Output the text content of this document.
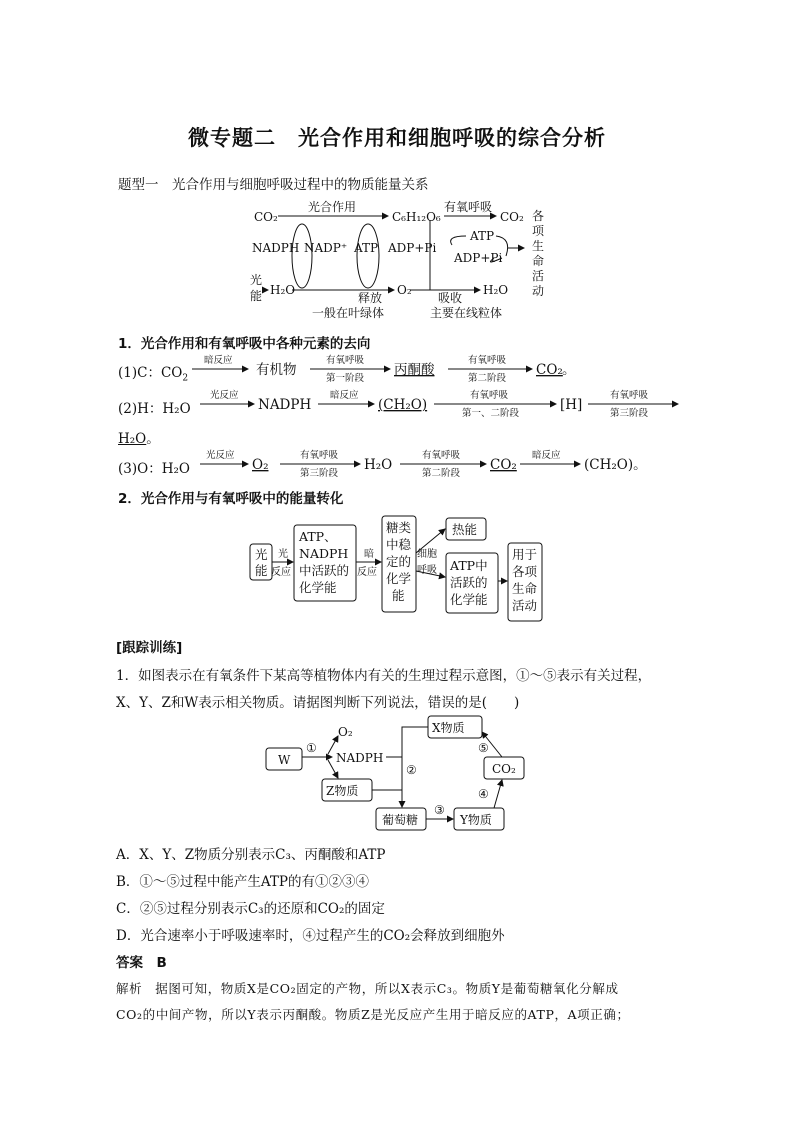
微专题二　光合作用和细胞呼吸的综合分析
题型一　光合作用与细胞呼吸过程中的物质能量关系
CO₂
光合作用
C₆H₁₂O₆
有氧呼吸
CO₂
NADPH NADP⁺ ATP ADP+Pi
ATP
ADP+Pi
光
能 H₂O
释放
O₂
吸收
H₂O
一般在叶绿体	主要在线粒体
各
项
生
命
活
动
1．光合作用和有氧呼吸中各种元素的去向
(1)C：$CO_2$
暗反应	有氧呼吸
第一阶段
有氧呼吸
第二阶段
有机物	丙酮酸	CO₂ 。
(2)H：H₂O
光反应	暗反应	有氧呼吸
第一、二阶段
有氧呼吸
第三阶段
NADPH	(CH₂O)	[H]
H₂O。
(3)O：H₂O
光反应	有氧呼吸
第三阶段
有氧呼吸
第二阶段
暗反应
O₂	H₂O	CO₂	(CH₂O)。
2．光合作用与有氧呼吸中的能量转化
光
能
ATP、
NADPH
中活跃的
化学能
糖类
中稳
定的
化学
能
热能
ATP中
活跃的
化学能
用于
各项
生命
活动
光
反应
暗
反应
细胞
呼吸
[跟踪训练]
1．如图表示在有氧条件下某高等植物体内有关的生理过程示意图，①～⑤表示有关过程，
X、Y、Z和W表示相关物质。请据图判断下列说法，错误的是(　　)
W
①
O₂
NADPH
Z物质
②
X物质
⑤
CO₂
④
葡萄糖
③
Y物质
A．X、Y、Z物质分别表示C₃、丙酮酸和ATP
B．①～⑤过程中能产生ATP的有①②③④
C．②⑤过程分别表示C₃的还原和CO₂的固定
D．光合速率小于呼吸速率时，④过程产生的CO₂会释放到细胞外
答案　B
解析　据图可知，物质X是CO₂固定的产物，所以X表示C₃。物质Y是葡萄糖氧化分解成
CO₂的中间产物，所以Y表示丙酮酸。物质Z是光反应产生用于暗反应的ATP，A项正确；
